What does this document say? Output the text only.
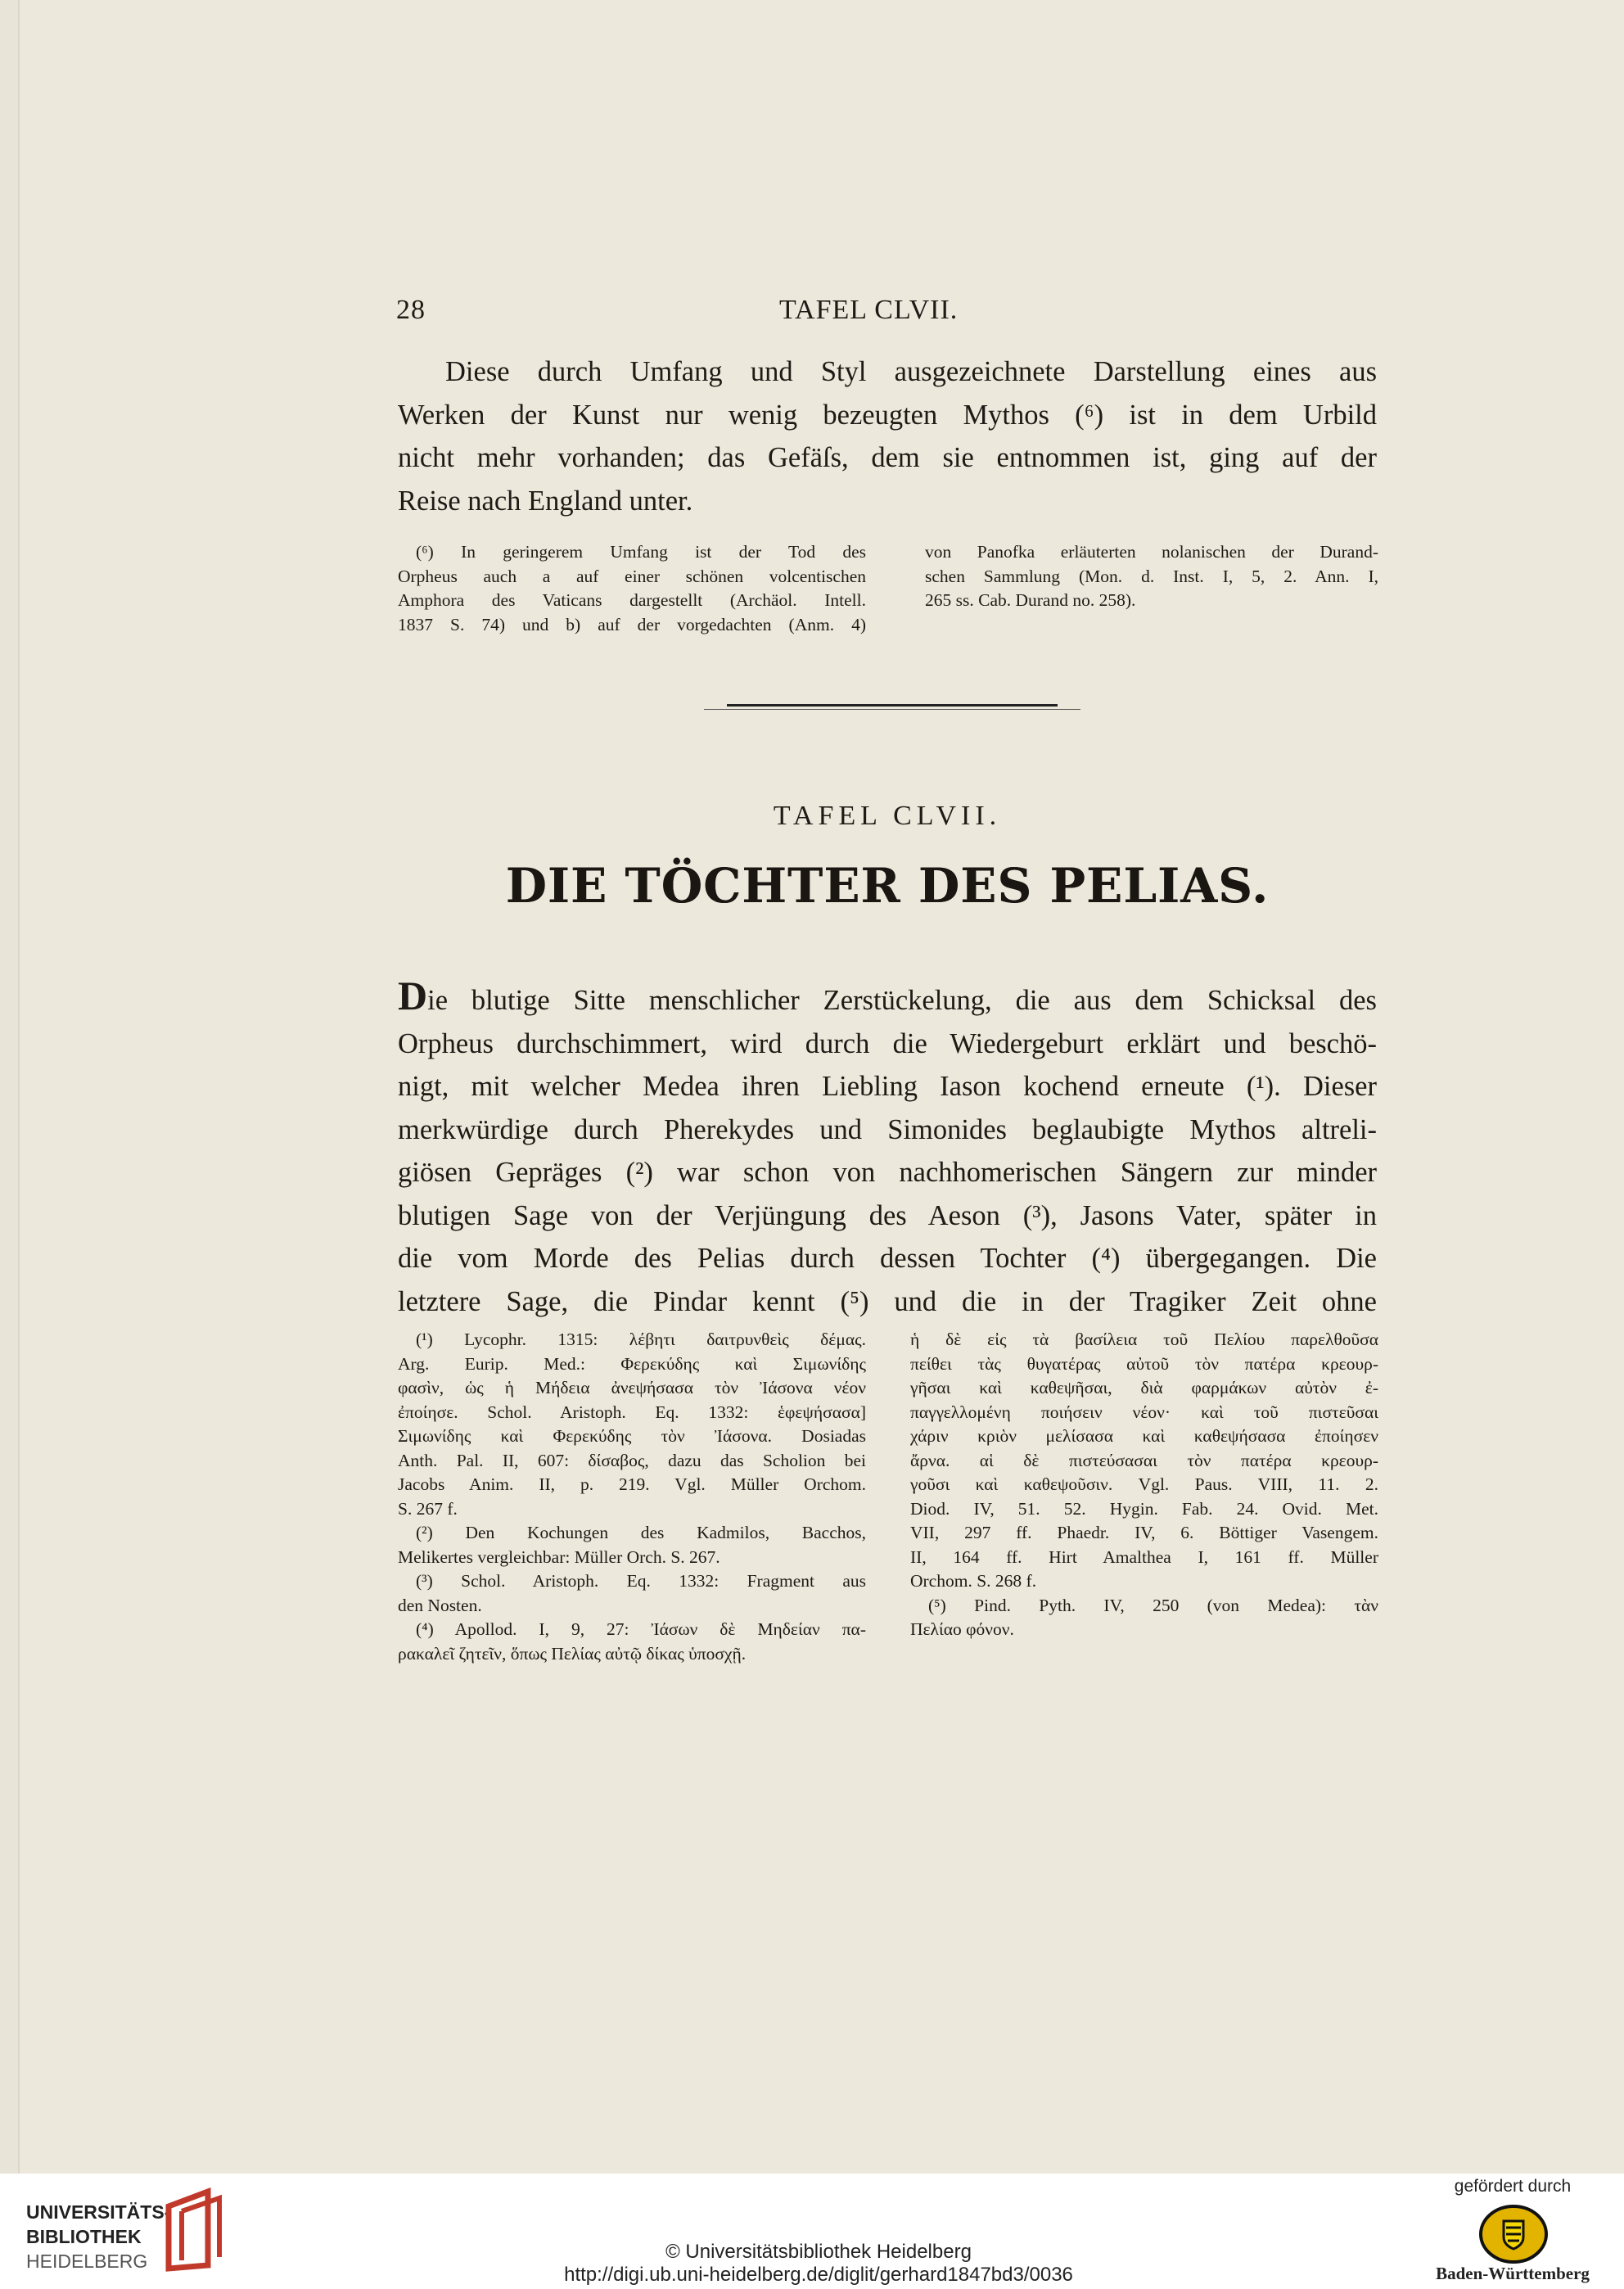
28	TAFEL CLVII.
Diese durch Umfang und Styl ausgezeichnete Darstellung eines aus
Werken der Kunst nur wenig bezeugten Mythos (⁶) ist in dem Urbild
nicht mehr vorhanden; das Gefäſs, dem sie entnommen ist, ging auf der
Reise nach England unter.
(⁶) In geringerem Umfang ist der Tod des
Orpheus auch a auf einer schönen volcentischen
Amphora des Vaticans dargestellt (Archäol. Intell.
1837 S. 74) und b) auf der vorgedachten (Anm. 4)
von Panofka erläuterten nolanischen der Durand-
schen Sammlung (Mon. d. Inst. I, 5, 2. Ann. I,
265 ss. Cab. Durand no. 258).
TAFEL CLVII.
DIE TÖCHTER DES PELIAS.
Die blutige Sitte menschlicher Zerstückelung, die aus dem Schicksal des
Orpheus durchschimmert, wird durch die Wiedergeburt erklärt und beschö-
nigt, mit welcher Medea ihren Liebling Iason kochend erneute (¹). Dieser
merkwürdige durch Pherekydes und Simonides beglaubigte Mythos altreli-
giösen Gepräges (²) war schon von nachhomerischen Sängern zur minder
blutigen Sage von der Verjüngung des Aeson (³), Jasons Vater, später in
die vom Morde des Pelias durch dessen Tochter (⁴) übergegangen. Die
letztere Sage, die Pindar kennt (⁵) und die in der Tragiker Zeit ohne
(¹) Lycophr. 1315: λέβητι δαιτρυνθεὶς δέμας.
Arg. Eurip. Med.: Φερεκύδης καὶ Σιμωνίδης
φασὶν, ὡς ἡ Μήδεια ἀνεψήσασα τὸν Ἰάσονα νέον
ἐποίησε. Schol. Aristoph. Eq. 1332: ἑφεψήσασα]
Σιμωνίδης καὶ Φερεκύδης τὸν Ἰάσονα. Dosiadas
Anth. Pal. II, 607: δίσαβος, dazu das Scholion bei
Jacobs Anim. II, p. 219. Vgl. Müller Orchom.
S. 267 f.
(²) Den Kochungen des Kadmilos, Bacchos,
Melikertes vergleichbar: Müller Orch. S. 267.
(³) Schol. Aristoph. Eq. 1332: Fragment aus
den Nosten.
(⁴) Apollod. I, 9, 27: Ἰάσων δὲ Μηδείαν πα-
ρακαλεῖ ζητεῖν, ὅπως Πελίας αὐτῷ δίκας ὑποσχῇ.
ἡ δὲ εἰς τὰ βασίλεια τοῦ Πελίου παρελθοῦσα
πείθει τὰς θυγατέρας αὐτοῦ τὸν πατέρα κρεουρ-
γῆσαι καὶ καθεψῆσαι, διὰ φαρμάκων αὐτὸν ἐ-
παγγελλομένη ποιήσειν νέον· καὶ τοῦ πιστεῦσαι
χάριν κριὸν μελίσασα καὶ καθεψήσασα ἐποίησεν
ἄρνα. αἱ δὲ πιστεύσασαι τὸν πατέρα κρεουρ-
γοῦσι καὶ καθεψοῦσιν. Vgl. Paus. VIII, 11. 2.
Diod. IV, 51. 52. Hygin. Fab. 24. Ovid. Met.
VII, 297 ff. Phaedr. IV, 6. Böttiger Vasengem.
II, 164 ff. Hirt Amalthea I, 161 ff. Müller
Orchom. S. 268 f.
(⁵) Pind. Pyth. IV, 250 (von Medea): τὰν
Πελίαο φόνον.
UNIVERSITÄTS-
BIBLIOTHEK
HEIDELBERG	© Universitätsbibliothek Heidelberg
http://digi.ub.uni-heidelberg.de/diglit/gerhard1847bd3/0036
gefördert durch
Baden-Württemberg
